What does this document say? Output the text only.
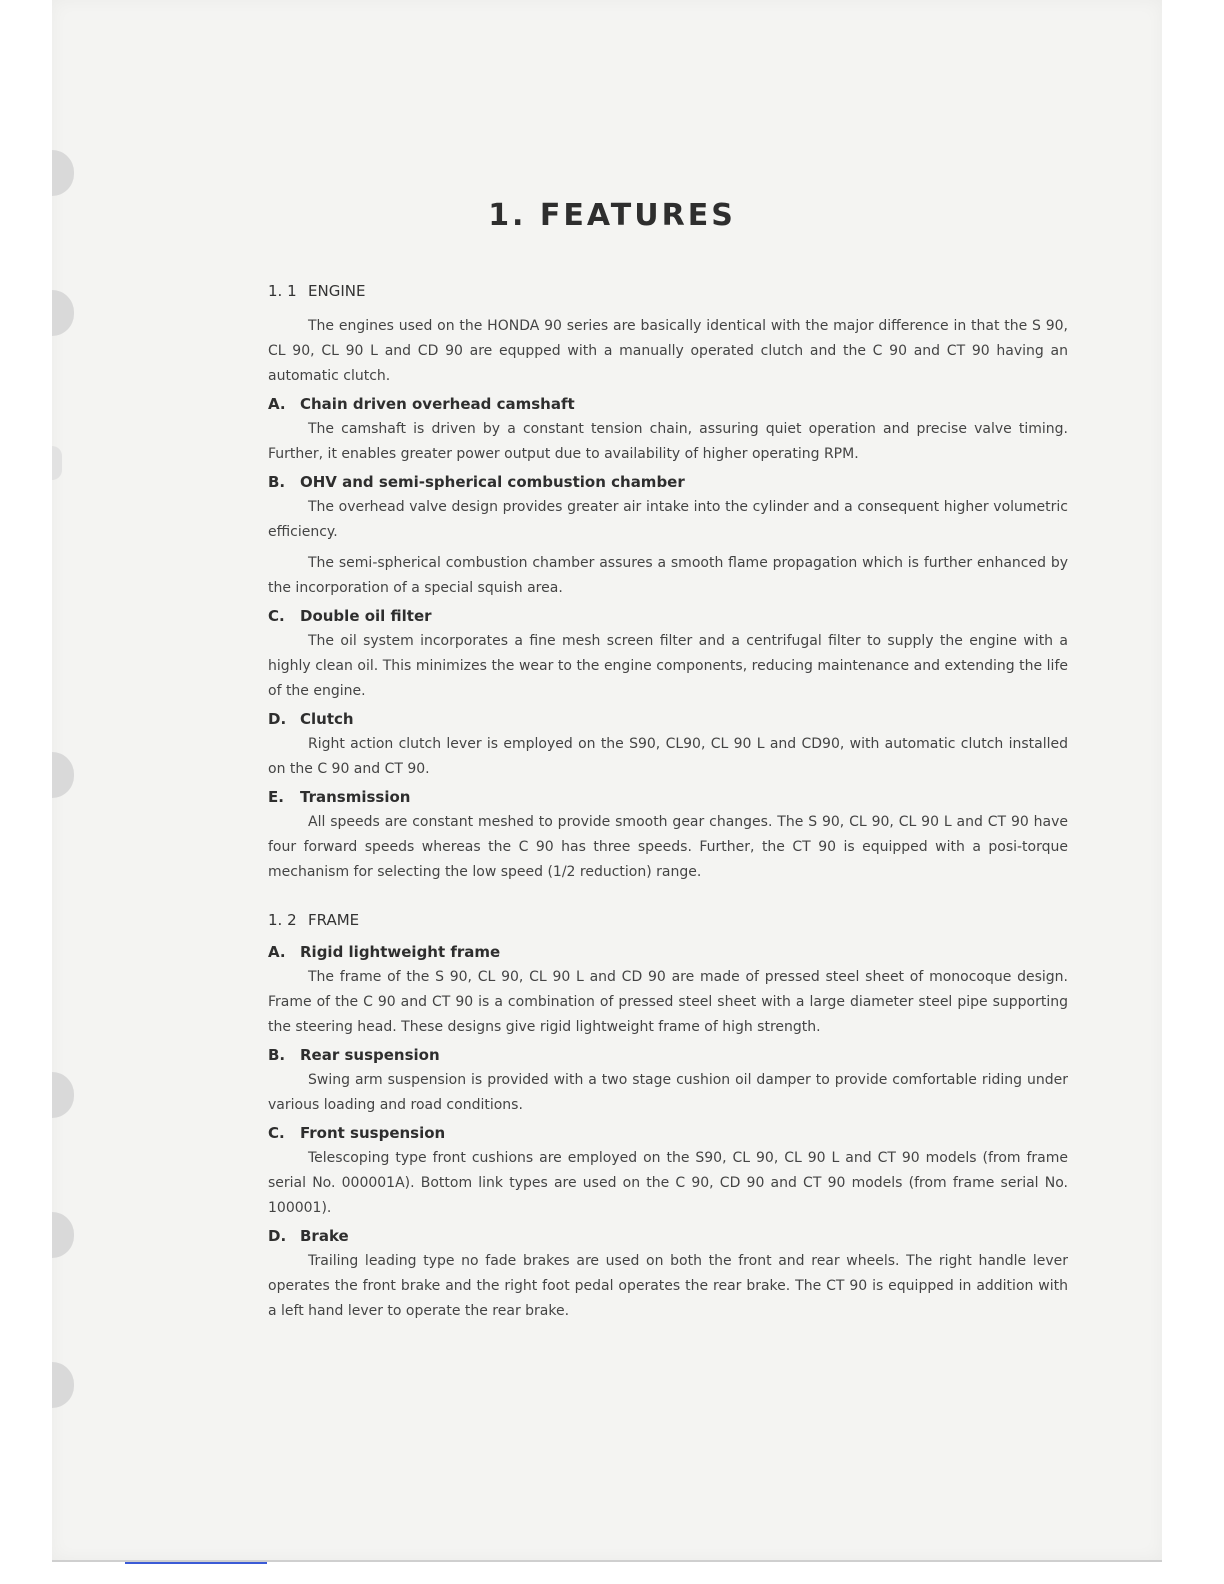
1. FEATURES
1. 1 ENGINE

The engines used on the HONDA 90 series are basically identical with the major difference in that the S 90, CL 90, CL 90 L and CD 90 are equpped with a manually operated clutch and the C 90 and CT 90 having an automatic clutch.

A. Chain driven overhead camshaft

The camshaft is driven by a constant tension chain, assuring quiet operation and precise valve timing. Further, it enables greater power output due to availability of higher operating RPM.

B. OHV and semi-spherical combustion chamber

The overhead valve design provides greater air intake into the cylinder and a consequent higher volumetric efficiency.

The semi-spherical combustion chamber assures a smooth flame propagation which is further enhanced by the incorporation of a special squish area.

C. Double oil filter

The oil system incorporates a fine mesh screen filter and a centrifugal filter to supply the engine with a highly clean oil. This minimizes the wear to the engine components, reducing maintenance and extending the life of the engine.

D. Clutch

Right action clutch lever is employed on the S90, CL90, CL 90 L and CD90, with automatic clutch installed on the C 90 and CT 90.

E. Transmission

All speeds are constant meshed to provide smooth gear changes. The S 90, CL 90, CL 90 L and CT 90 have four forward speeds whereas the C 90 has three speeds. Further, the CT 90 is equipped with a posi-torque mechanism for selecting the low speed (1/2 reduction) range.

1. 2 FRAME
A. Rigid lightweight frame

The frame of the S 90, CL 90, CL 90 L and CD 90 are made of pressed steel sheet of monocoque design. Frame of the C 90 and CT 90 is a combination of pressed steel sheet with a large diameter steel pipe supporting the steering head. These designs give rigid lightweight frame of high strength.

B. Rear suspension

Swing arm suspension is provided with a two stage cushion oil damper to provide comfortable riding under various loading and road conditions.

C. Front suspension

Telescoping type front cushions are employed on the S90, CL 90, CL 90 L and CT 90 models (from frame serial No. 000001A). Bottom link types are used on the C 90, CD 90 and CT 90 models (from frame serial No. 100001).

D. Brake

Trailing leading type no fade brakes are used on both the front and rear wheels. The right handle lever operates the front brake and the right foot pedal operates the rear brake. The CT 90 is equipped in addition with a left hand lever to operate the rear brake.
